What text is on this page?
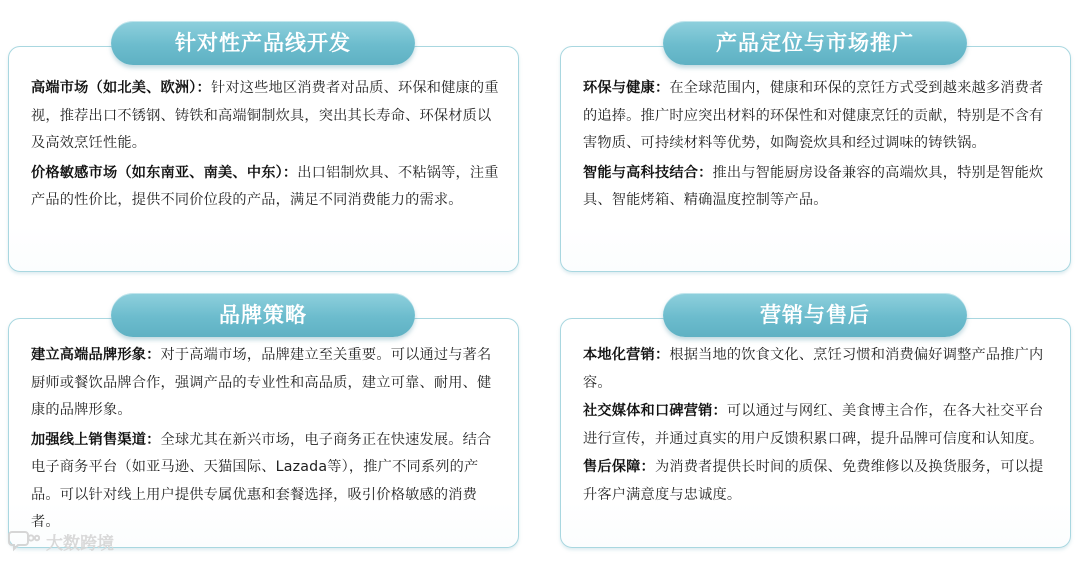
针对性产品线开发

高端市场（如北美、欧洲）：针对这些地区消费者对品质、环保和健康的重视，推荐出口不锈钢、铸铁和高端铜制炊具，突出其长寿命、环保材质以及高效烹饪性能。

价格敏感市场（如东南亚、南美、中东）：出口铝制炊具、不粘锅等，注重产品的性价比，提供不同价位段的产品，满足不同消费能力的需求。

产品定位与市场推广

环保与健康：在全球范围内，健康和环保的烹饪方式受到越来越多消费者的追捧。推广时应突出材料的环保性和对健康烹饪的贡献，特别是不含有害物质、可持续材料等优势，如陶瓷炊具和经过调味的铸铁锅。

智能与高科技结合：推出与智能厨房设备兼容的高端炊具，特别是智能炊具、智能烤箱、精确温度控制等产品。

品牌策略

建立高端品牌形象：对于高端市场，品牌建立至关重要。可以通过与著名厨师或餐饮品牌合作，强调产品的专业性和高品质，建立可靠、耐用、健康的品牌形象。

加强线上销售渠道：全球尤其在新兴市场，电子商务正在快速发展。结合电子商务平台（如亚马逊、天猫国际、Lazada等），推广不同系列的产品。可以针对线上用户提供专属优惠和套餐选择，吸引价格敏感的消费者。

营销与售后

本地化营销：根据当地的饮食文化、烹饪习惯和消费偏好调整产品推广内容。

社交媒体和口碑营销：可以通过与网红、美食博主合作，在各大社交平台进行宣传，并通过真实的用户反馈积累口碑，提升品牌可信度和认知度。

售后保障：为消费者提供长时间的质保、免费维修以及换货服务，可以提升客户满意度与忠诚度。

大数跨境
